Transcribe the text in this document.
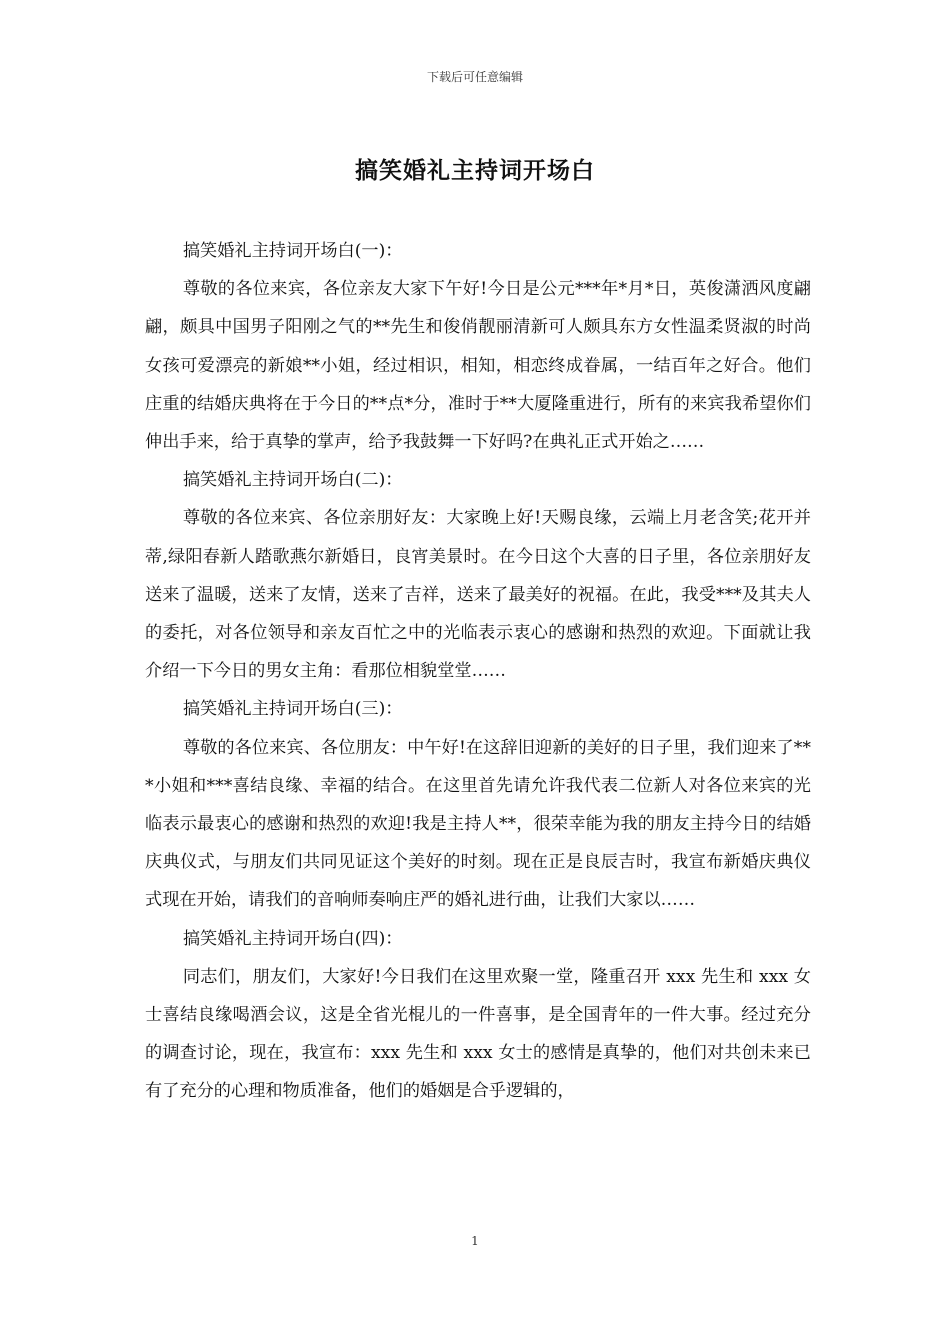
下载后可任意编辑
搞笑婚礼主持词开场白

搞笑婚礼主持词开场白(一)：

尊敬的各位来宾，各位亲友大家下午好!今日是公元***年*月*日，英俊潇洒风度翩翩，颇具中国男子阳刚之气的**先生和俊俏靓丽清新可人颇具东方女性温柔贤淑的时尚女孩可爱漂亮的新娘**小姐，经过相识，相知，相恋终成眷属，一结百年之好合。他们庄重的结婚庆典将在于今日的**点*分，准时于**大厦隆重进行，所有的来宾我希望你们伸出手来，给于真挚的掌声，给予我鼓舞一下好吗?在典礼正式开始之……

搞笑婚礼主持词开场白(二)：

尊敬的各位来宾、各位亲朋好友：大家晚上好!天赐良缘，云端上月老含笑;花开并蒂,绿阳春新人踏歌燕尔新婚日，良宵美景时。在今日这个大喜的日子里，各位亲朋好友送来了温暖，送来了友情，送来了吉祥，送来了最美好的祝福。在此，我受***及其夫人的委托，对各位领导和亲友百忙之中的光临表示衷心的感谢和热烈的欢迎。下面就让我介绍一下今日的男女主角：看那位相貌堂堂……

搞笑婚礼主持词开场白(三)：

尊敬的各位来宾、各位朋友：中午好!在这辞旧迎新的美好的日子里，我们迎来了***小姐和***喜结良缘、幸福的结合。在这里首先请允许我代表二位新人对各位来宾的光临表示最衷心的感谢和热烈的欢迎!我是主持人**，很荣幸能为我的朋友主持今日的结婚庆典仪式，与朋友们共同见证这个美好的时刻。现在正是良辰吉时，我宣布新婚庆典仪式现在开始，请我们的音响师奏响庄严的婚礼进行曲，让我们大家以……

搞笑婚礼主持词开场白(四)：

同志们，朋友们，大家好!今日我们在这里欢聚一堂，隆重召开 xxx 先生和 xxx 女士喜结良缘喝酒会议，这是全省光棍儿的一件喜事，是全国青年的一件大事。经过充分的调查讨论，现在，我宣布：xxx 先生和 xxx 女士的感情是真挚的，他们对共创未来已有了充分的心理和物质准备，他们的婚姻是合乎逻辑的，

1
